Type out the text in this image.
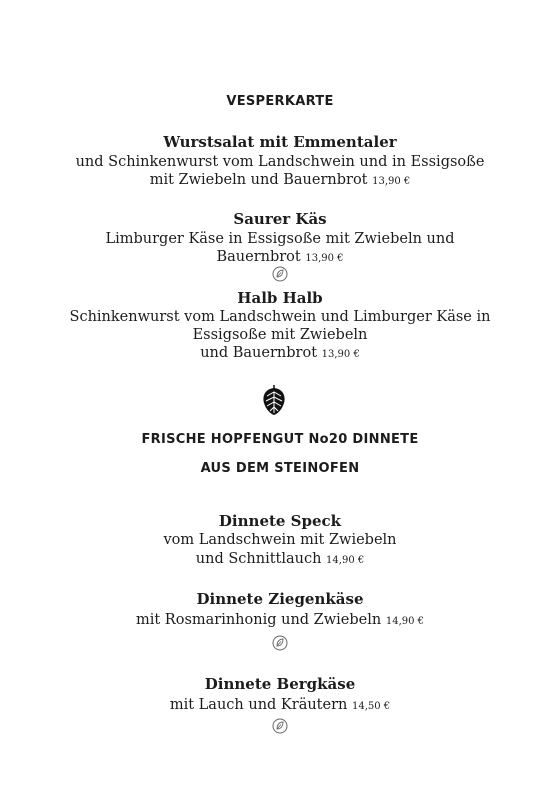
VESPERKARTE
Wurstsalat mit Emmentaler
und Schinkenwurst vom Landschwein und in Essigsoße
mit Zwiebeln und Bauernbrot 13,90 €
Saurer Käs
Limburger Käse in Essigsoße mit Zwiebeln und
Bauernbrot 13,90 €
Halb Halb
Schinkenwurst vom Landschwein und Limburger Käse in
Essigsoße mit Zwiebeln
und Bauernbrot 13,90 €
FRISCHE HOPFENGUT No20 DINNETE
AUS DEM STEINOFEN
Dinnete Speck
vom Landschwein mit Zwiebeln
und Schnittlauch 14,90 €
Dinnete Ziegenkäse
mit Rosmarinhonig und Zwiebeln 14,90 €
Dinnete Bergkäse
mit Lauch und Kräutern 14,50 €
